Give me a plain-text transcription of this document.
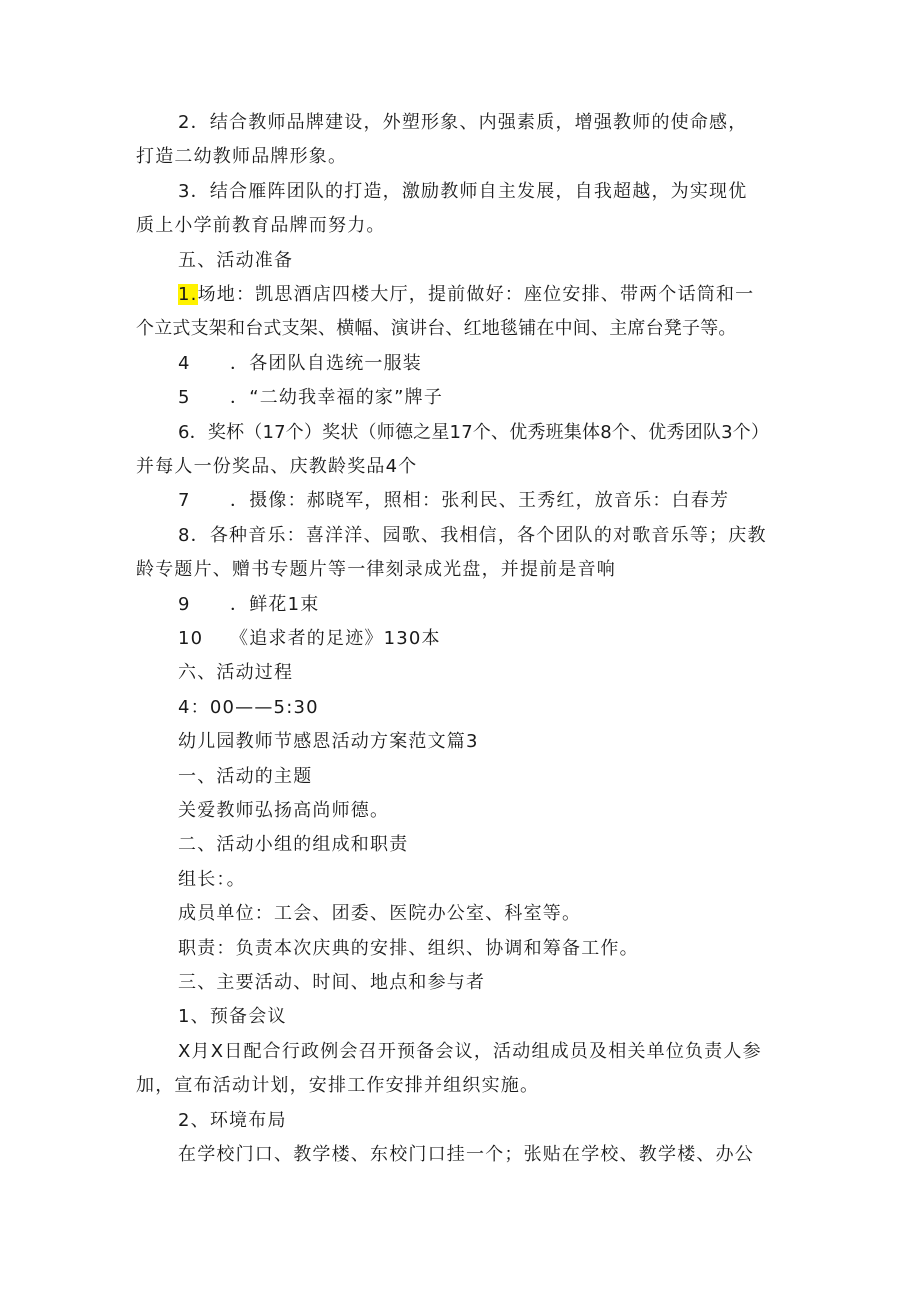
2．结合教师品牌建设，外塑形象、内强素质，增强教师的使命感，
打造二幼教师品牌形象。
3．结合雁阵团队的打造，激励教师自主发展，自我超越，为实现优
质上小学前教育品牌而努力。
五、活动准备
1.场地：凯思酒店四楼大厅，提前做好：座位安排、带两个话筒和一
个立式支架和台式支架、横幅、演讲台、红地毯铺在中间、主席台凳子等。
4 ．各团队自选统一服装
5 ．“二幼我幸福的家”牌子
6．奖杯（17个）奖状（师德之星17个、优秀班集体8个、优秀团队3个）
并每人一份奖品、庆教龄奖品4个
7 ．摄像：郝晓军，照相：张利民、王秀红，放音乐：白春芳
8．各种音乐：喜洋洋、园歌、我相信，各个团队的对歌音乐等；庆教
龄专题片、赠书专题片等一律刻录成光盘，并提前是音响
9 ．鲜花1束
10 《追求者的足迹》130本
六、活动过程
4：00——5:30
幼儿园教师节感恩活动方案范文篇3
一、活动的主题
关爱教师弘扬高尚师德。
二、活动小组的组成和职责
组长：。
成员单位：工会、团委、医院办公室、科室等。
职责：负责本次庆典的安排、组织、协调和筹备工作。
三、主要活动、时间、地点和参与者
1、预备会议
X月X日配合行政例会召开预备会议，活动组成员及相关单位负责人参
加，宣布活动计划，安排工作安排并组织实施。
2、环境布局
在学校门口、教学楼、东校门口挂一个；张贴在学校、教学楼、办公
